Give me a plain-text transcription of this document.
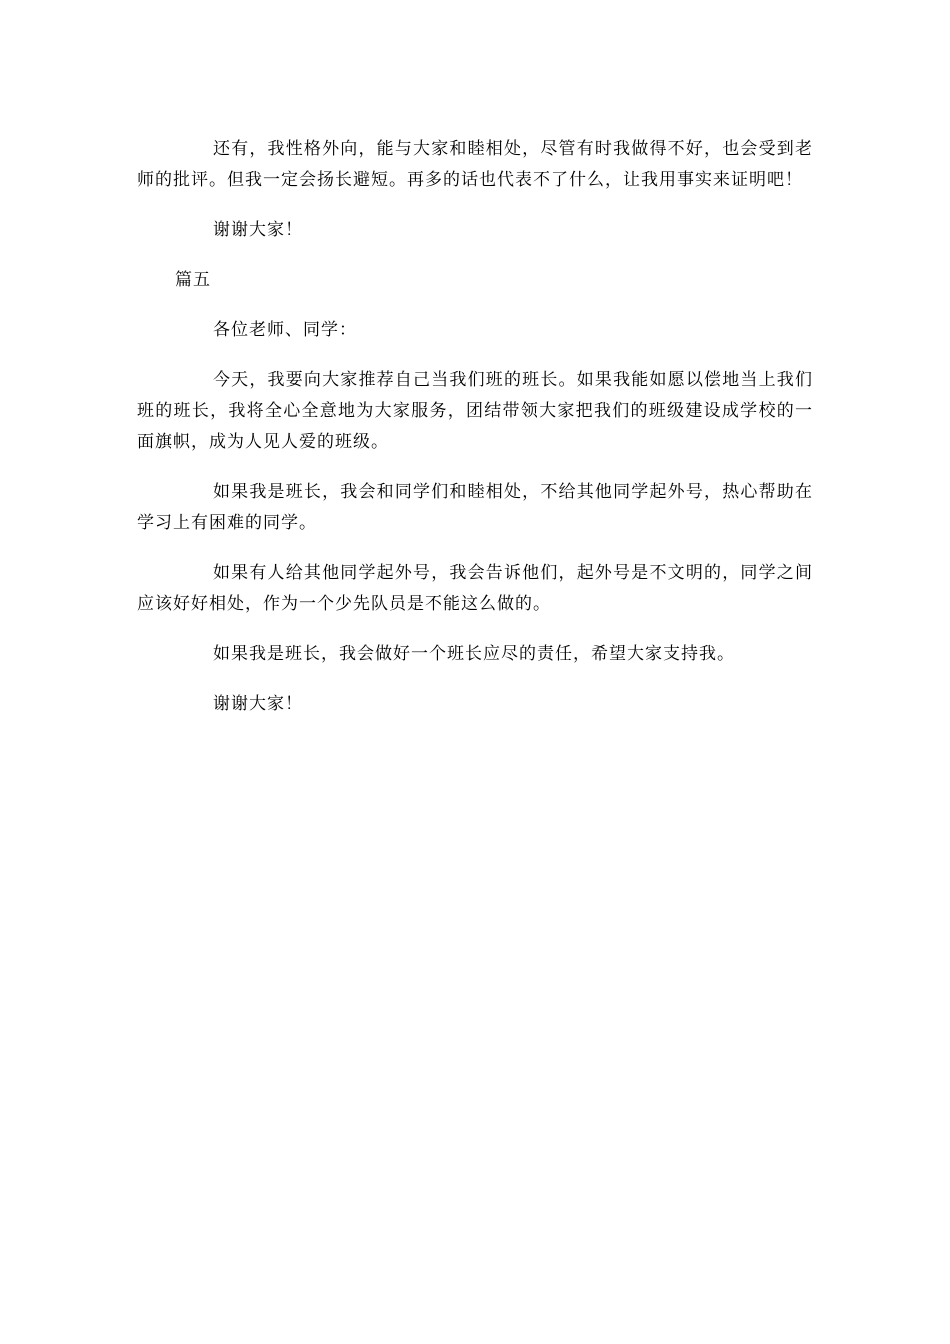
还有，我性格外向，能与大家和睦相处，尽管有时我做得不好，也会受到老师的批评。但我一定会扬长避短。再多的话也代表不了什么，让我用事实来证明吧！

谢谢大家！

篇五

各位老师、同学：

今天，我要向大家推荐自己当我们班的班长。如果我能如愿以偿地当上我们班的班长，我将全心全意地为大家服务，团结带领大家把我们的班级建设成学校的一面旗帜，成为人见人爱的班级。

如果我是班长，我会和同学们和睦相处，不给其他同学起外号，热心帮助在学习上有困难的同学。

如果有人给其他同学起外号，我会告诉他们，起外号是不文明的，同学之间应该好好相处，作为一个少先队员是不能这么做的。

如果我是班长，我会做好一个班长应尽的责任，希望大家支持我。

谢谢大家！
